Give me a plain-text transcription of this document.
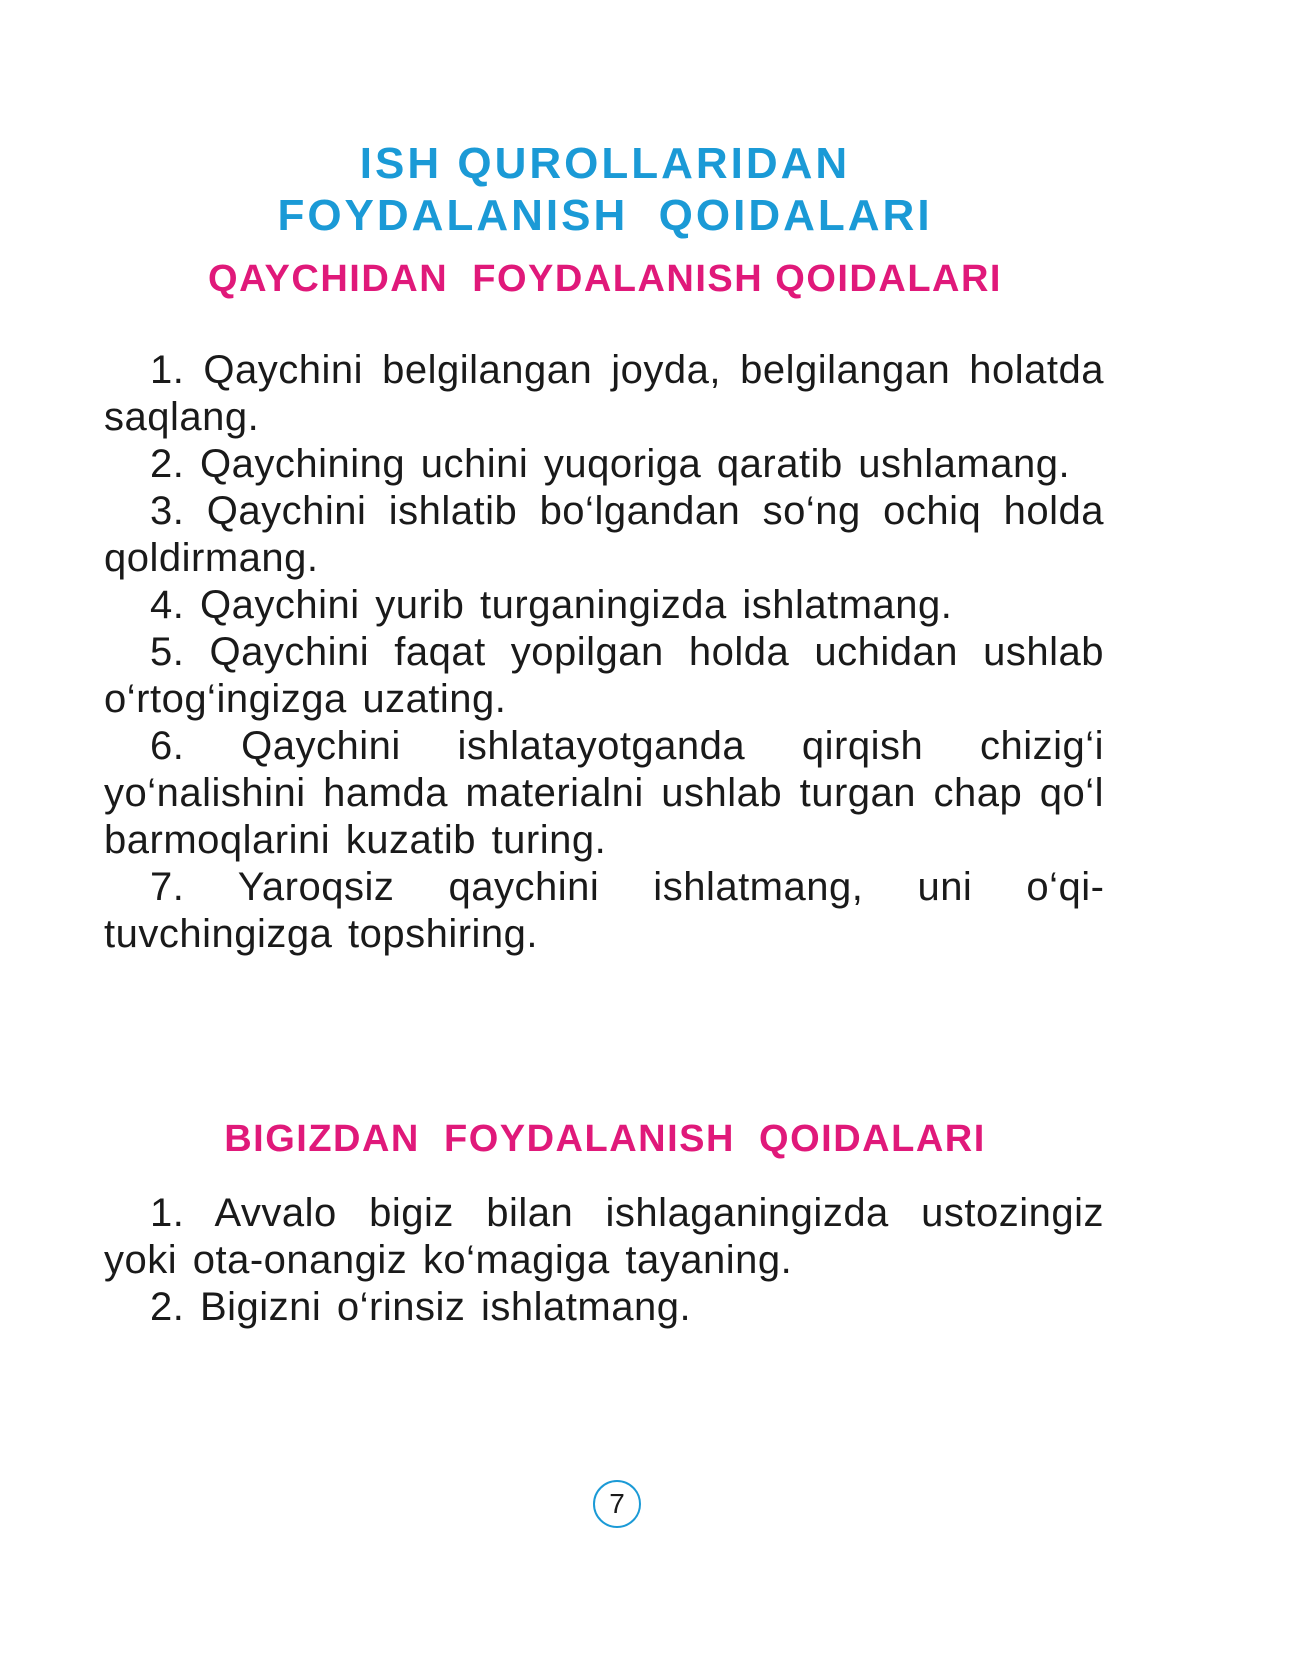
ISH QUROLLARIDAN
FOYDALANISH  QOIDALARI
QAYCHIDAN  FOYDALANISH QOIDALARI
1. Qaychini belgilangan joyda, belgilangan holatda saqlang.
2. Qaychining uchini yuqoriga qaratib ushlamang.
3. Qaychini ishlatib bo‘lgandan so‘ng ochiq holda qoldirmang.
4. Qaychini yurib turganingizda ishlatmang.
5. Qaychini faqat yopilgan holda uchidan ushlab o‘rtog‘ingizga uzating.
6. Qaychini ishlatayotganda qirqish chizig‘i yo‘nalishini hamda materialni ushlab turgan chap qo‘l barmoqlarini kuzatib turing.
7. Yaroqsiz qaychini ishlatmang, uni o‘qituvchingizga topshiring.
BIGIZDAN  FOYDALANISH  QOIDALARI
1. Avvalo bigiz bilan ishlaganingizda ustozingiz yoki ota-onangiz ko‘magiga tayaning.
2. Bigizni o‘rinsiz ishlatmang.
7
